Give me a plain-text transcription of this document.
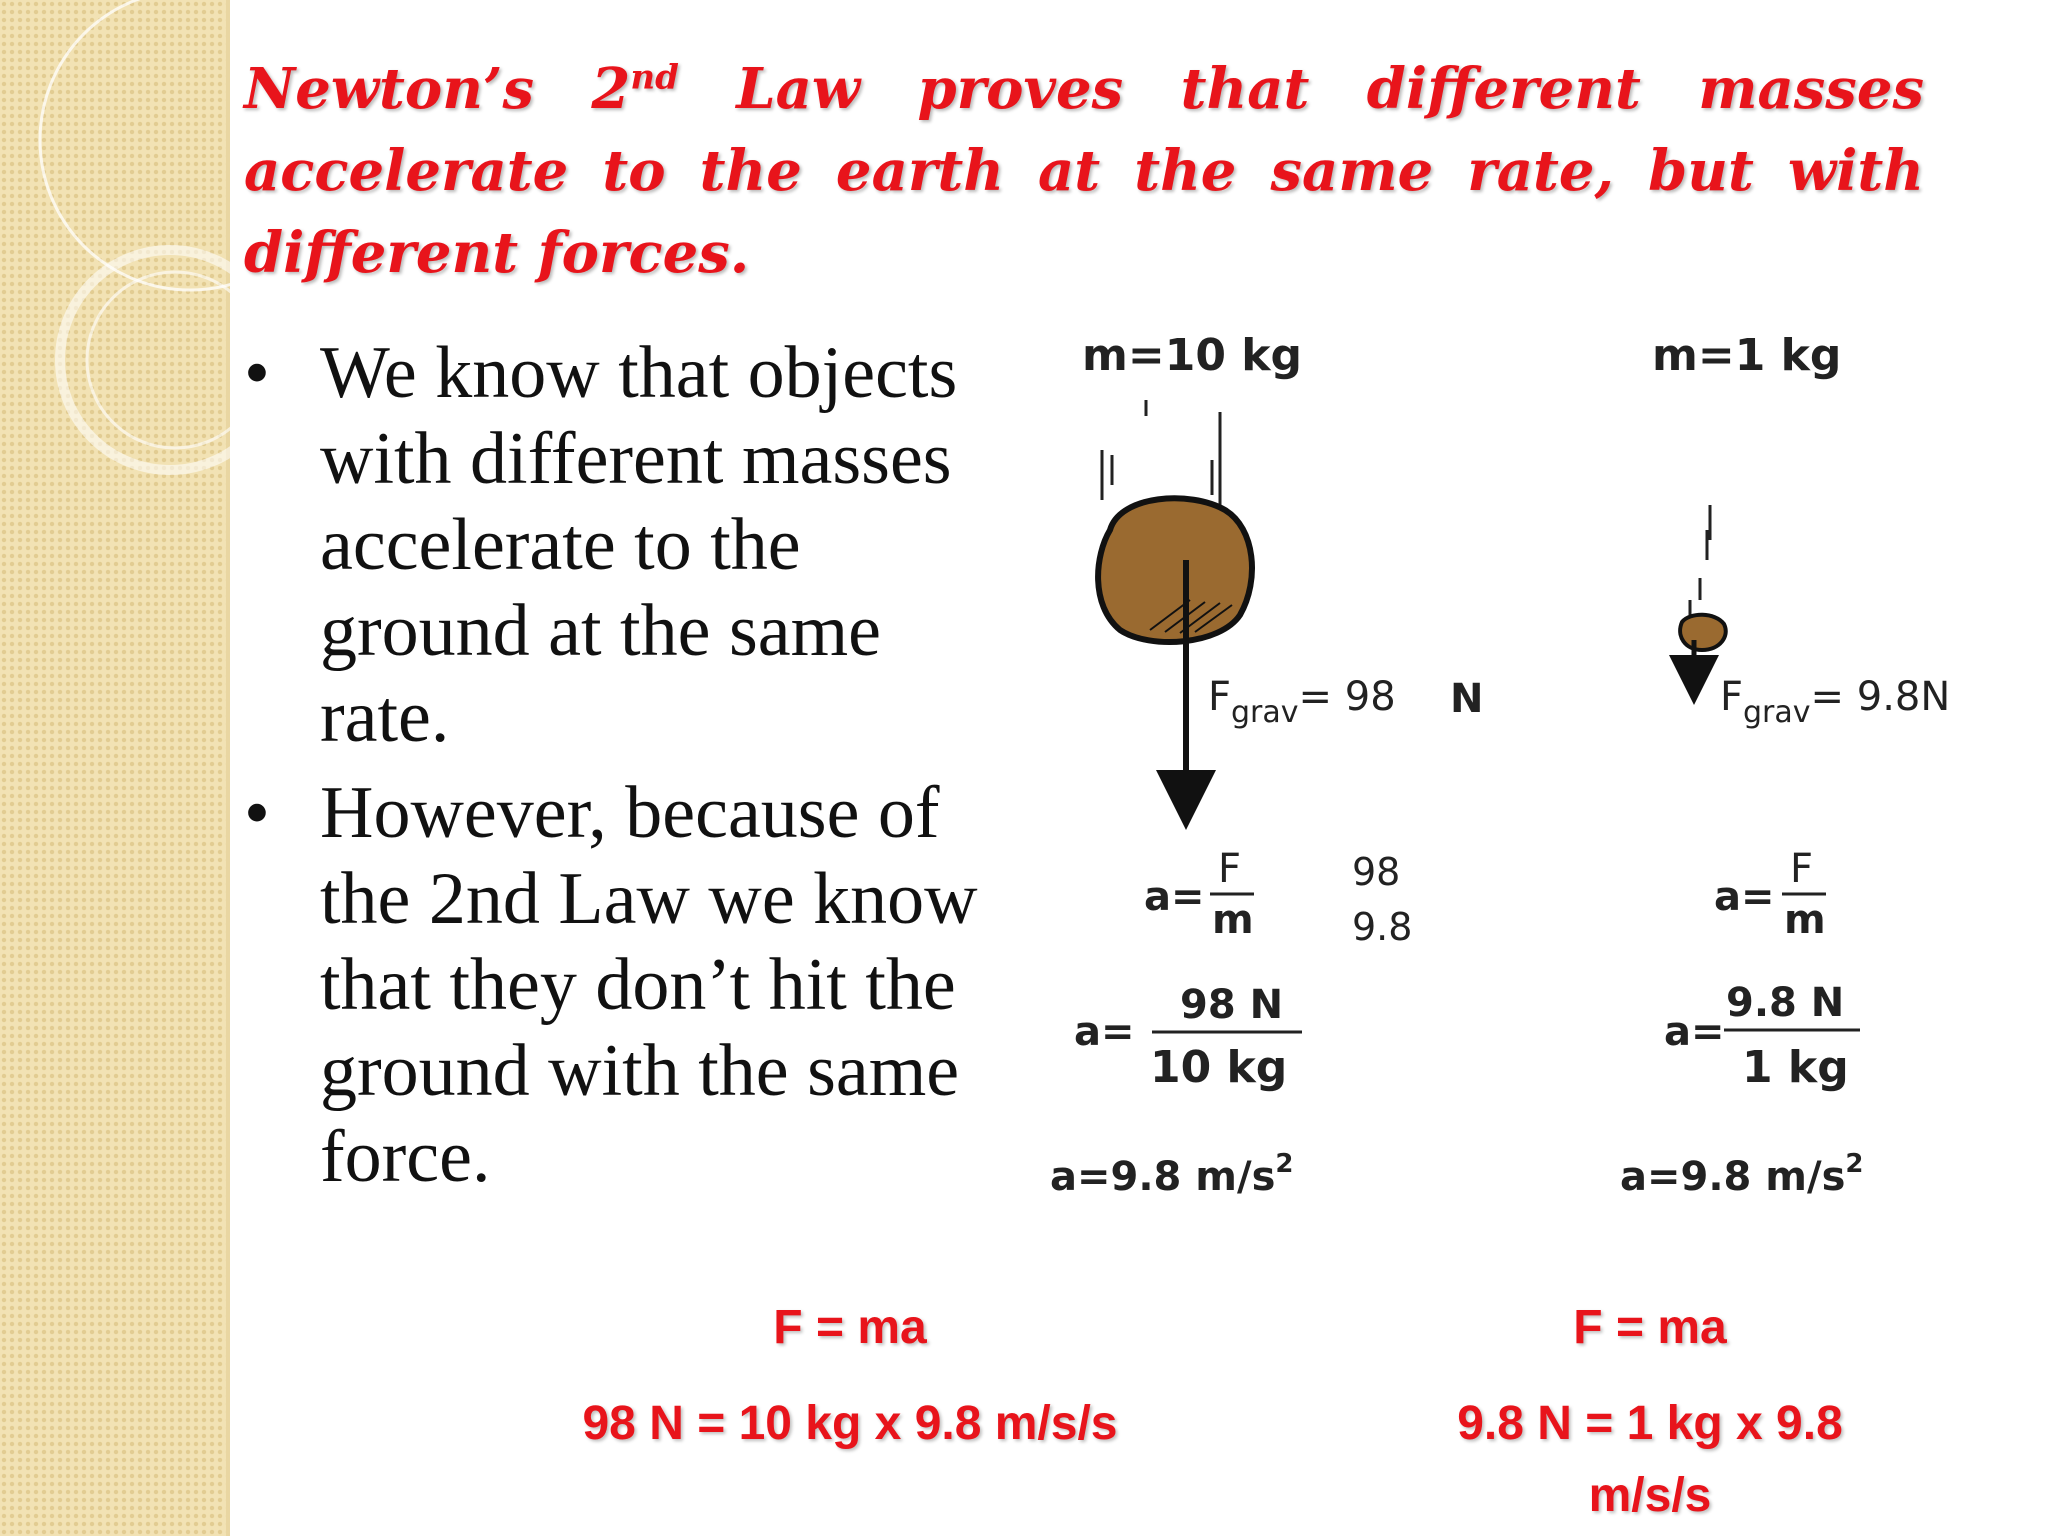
Newton’s 2nd Law proves that different masses accelerate to the earth at the same rate, but with different forces.
• We know that objects with different masses accelerate to the ground at the same rate.
• However, because of the 2nd Law we know that they don’t hit the ground with the same force.
m=10 kg
$F_{grav}= 98$ N
a=
F
m
98
9.8
a=
98 N
10 kg
a=9.8 $m/s^2$
m=1 kg
$F_{grav}= 9.8N$
a=
F
m
a=
9.8 N
1 kg
a=9.8 $m/s^2$
F = ma
98 N = 10 kg x 9.8 m/s/s
F = ma
9.8 N = 1 kg x 9.8
m/s/s
